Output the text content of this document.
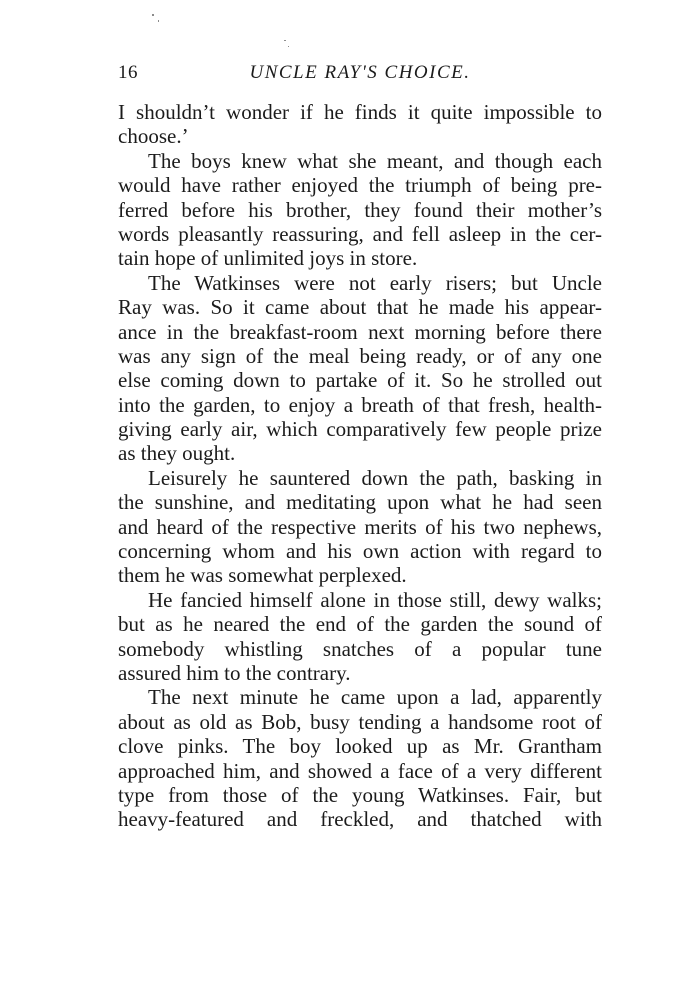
16	UNCLE RAY'S CHOICE.
I shouldn’t wonder if he finds it quite impossible to
choose.’
The boys knew what she meant, and though each
would have rather enjoyed the triumph of being pre-
ferred before his brother, they found their mother’s
words pleasantly reassuring, and fell asleep in the cer-
tain hope of unlimited joys in store.
The Watkinses were not early risers; but Uncle
Ray was. So it came about that he made his appear-
ance in the breakfast-room next morning before there
was any sign of the meal being ready, or of any one
else coming down to partake of it. So he strolled out
into the garden, to enjoy a breath of that fresh, health-
giving early air, which comparatively few people prize
as they ought.
Leisurely he sauntered down the path, basking in
the sunshine, and meditating upon what he had seen
and heard of the respective merits of his two nephews,
concerning whom and his own action with regard to
them he was somewhat perplexed.
He fancied himself alone in those still, dewy walks;
but as he neared the end of the garden the sound of
somebody whistling snatches of a popular tune
assured him to the contrary.
The next minute he came upon a lad, apparently
about as old as Bob, busy tending a handsome root of
clove pinks. The boy looked up as Mr. Grantham
approached him, and showed a face of a very different
type from those of the young Watkinses. Fair, but
heavy-featured and freckled, and thatched with
